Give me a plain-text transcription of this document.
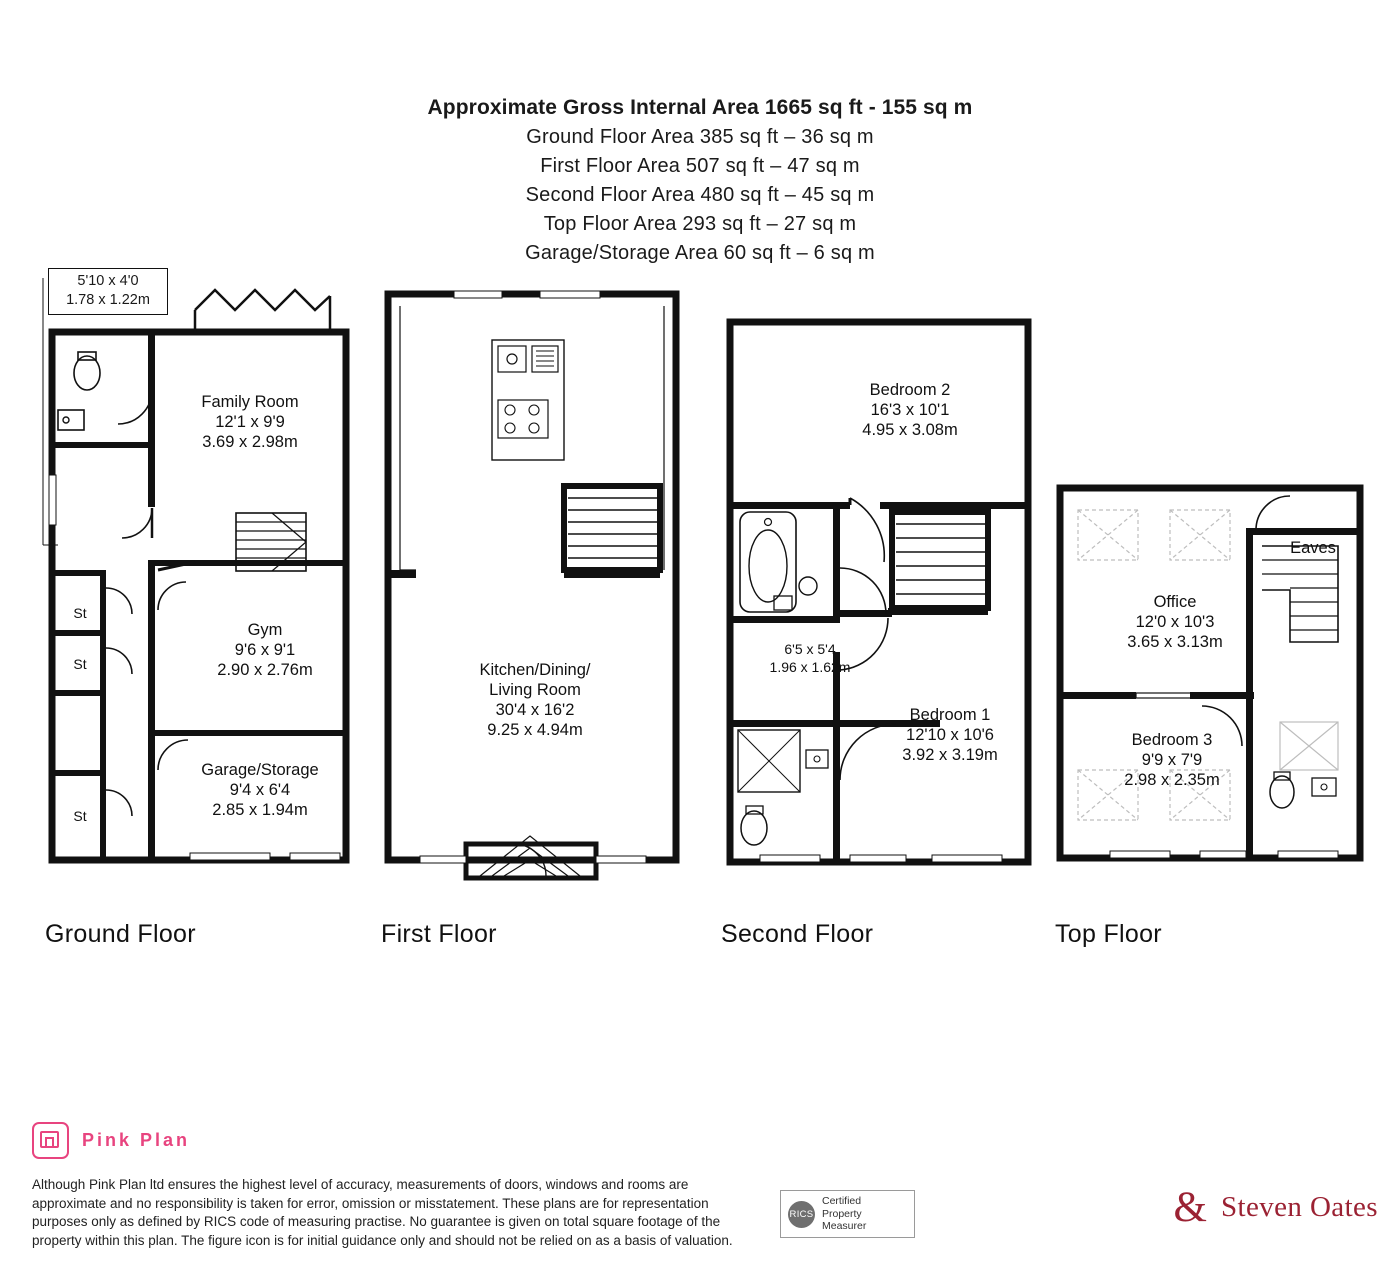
Approximate Gross Internal Area 1665 sq ft - 155 sq m
Ground Floor Area 385 sq ft – 36 sq m
First Floor Area 507 sq ft – 47 sq m
Second Floor Area 480 sq ft – 45 sq m
Top Floor Area 293 sq ft – 27 sq m
Garage/Storage Area 60 sq ft – 6 sq m
5'10 x 4'0
1.78 x 1.22m
Family Room
12'1 x 9'9
3.69 x 2.98m
Gym
9'6 x 9'1
2.90 x 2.76m
Garage/Storage
9'4 x 6'4
2.85 x 1.94m
St
St
St
Ground Floor
Kitchen/Dining/
Living Room
30'4 x 16'2
9.25 x 4.94m
First Floor
Bedroom 2
16'3 x 10'1
4.95 x 3.08m
6'5 x 5'4
1.96 x 1.62m
Bedroom 1
12'10 x 10'6
3.92 x 3.19m
Second Floor
Eaves
Office
12'0 x 10'3
3.65 x 3.13m
Bedroom 3
9'9 x 7'9
2.98 x 2.35m
Top Floor
Pink Plan
Although Pink Plan ltd ensures the highest level of accuracy, measurements of doors, windows and rooms are approximate and no responsibility is taken for error, omission or misstatement. These plans are for representation purposes only as defined by RICS code of measuring practise. No guarantee is given on total square footage of the property within this plan. The figure icon is for initial guidance only and should not be relied on as a basis of valuation.
RICS
Certified
Property
Measurer	& Steven Oates
